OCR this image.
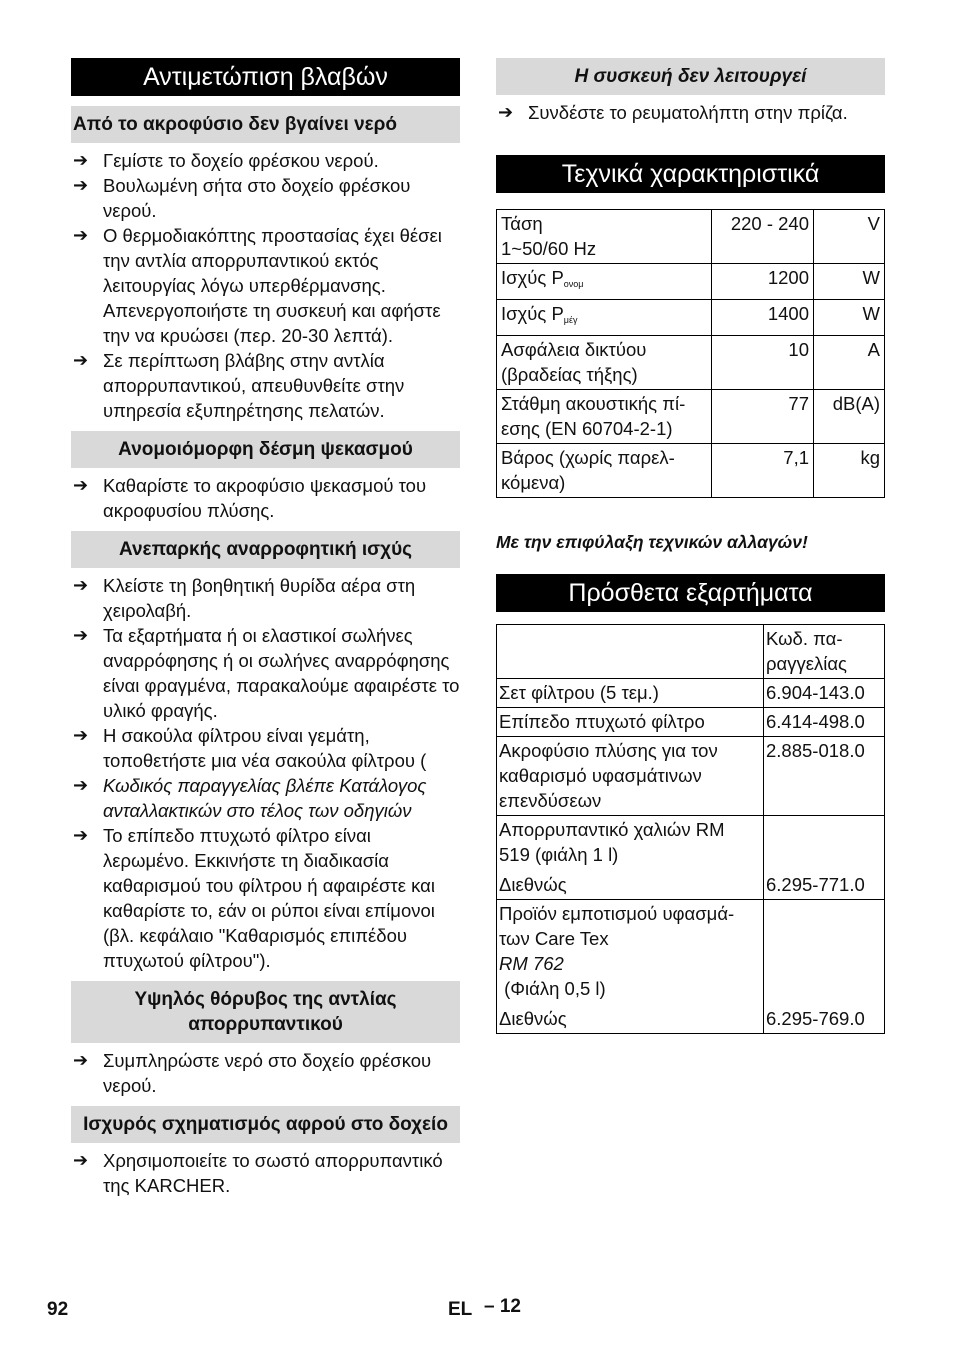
Αντιμετώπιση βλαβών
Από το ακροφύσιο δεν βγαίνει νερό
➔ Γεμίστε το δοχείο φρέσκου νερού.
➔ Βουλωμένη σήτα στο δοχείο φρέσκου νερού.
➔ Ο θερμοδιακόπτης προστασίας έχει θέσει την αντλία απορρυπαντικού εκτός λειτουργίας λόγω υπερθέρμανσης. Απενεργοποιήστε τη συσκευή και αφήστε την να κρυώσει (περ. 20-30 λεπτά).
➔ Σε περίπτωση βλάβης στην αντλία απορρυπαντικού, απευθυνθείτε στην υπηρεσία εξυπηρέτησης πελατών.
Ανομοιόμορφη δέσμη ψεκασμού
➔ Καθαρίστε το ακροφύσιο ψεκασμού του ακροφυσίου πλύσης.
Ανεπαρκής αναρροφητική ισχύς
➔ Κλείστε τη βοηθητική θυρίδα αέρα στη χειρολαβή.
➔ Τα εξαρτήματα ή οι ελαστικοί σωλήνες αναρρόφησης ή οι σωλήνες αναρρόφησης είναι φραγμένα, παρακαλούμε αφαιρέστε το υλικό φραγής.
➔ Η σακούλα φίλτρου είναι γεμάτη, τοποθετήστε μια νέα σακούλα φίλτρου (
➔ Κωδικός παραγγελίας βλέπε Κατάλογος ανταλλακτικών στο τέλος των οδηγιών
➔ Το επίπεδο πτυχωτό φίλτρο είναι λερωμένο. Εκκινήστε τη διαδικασία καθαρισμού του φίλτρου ή αφαιρέστε και καθαρίστε το, εάν οι ρύποι είναι επίμονοι (βλ. κεφάλαιο "Καθαρισμός επιπέδου πτυχωτού φίλτρου").
Υψηλός θόρυβος της αντλίας απορρυπαντικού
➔ Συμπληρώστε νερό στο δοχείο φρέσκου νερού.
Ισχυρός σχηματισμός αφρού στο δοχείο
➔ Χρησιμοποιείτε το σωστό απορρυπαντικό της KARCHER.
Η συσκευή δεν λειτουργεί
➔ Συνδέστε το ρευματολήπτη στην πρίζα.
Τεχνικά χαρακτηριστικά
Τάση
1~50/60 Hz	220 - 240	V
Ισχύς $P_{o\nu o\mu}$	1200	W
Ισχύς $P_{\mu έ\gamma}$	1400	W
Ασφάλεια δικτύου
(βραδείας τήξης)	10	A
Στάθμη ακουστικής πί-
εσης (EN 60704-2-1)	77	dB(A)
Βάρος (χωρίς παρελ-
κόμενα)	7,1	kg
Με την επιφύλαξη τεχνικών αλλαγών!
Πρόσθετα εξαρτήματα
	Κωδ. πα-
ραγγελίας
Σετ φίλτρου (5 τεμ.)	6.904-143.0
Επίπεδο πτυχωτό φίλτρο	6.414-498.0
Ακροφύσιο πλύσης για τον
καθαρισμό υφασμάτινων
επενδύσεων	2.885-018.0
Απορρυπαντικό χαλιών RM
519 (φιάλη 1 l)
Διεθνώς	6.295-771.0
Προϊόν εμποτισμού υφασμά-
των Care Tex
RM 762
(Φιάλη 0,5 l)
Διεθνώς	6.295-769.0
92	EL – 12
